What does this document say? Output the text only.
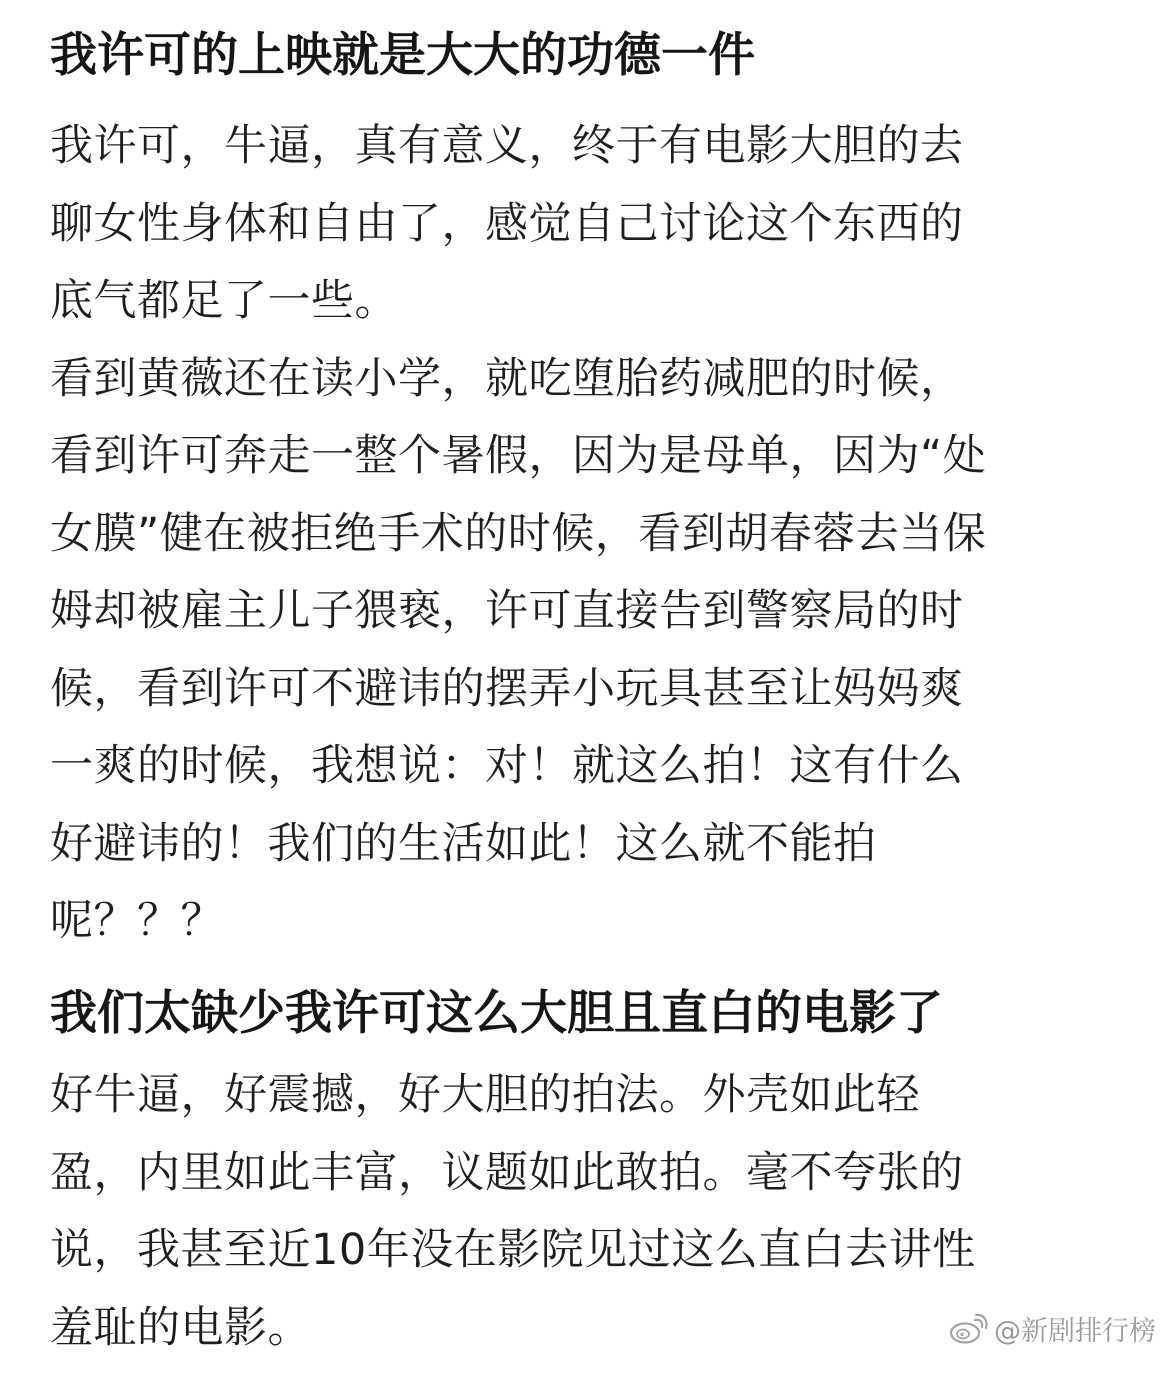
我许可的上映就是大大的功德一件
我许可，牛逼，真有意义，终于有电影大胆的去
聊女性身体和自由了，感觉自己讨论这个东西的
底气都足了一些。
看到黄薇还在读小学，就吃堕胎药减肥的时候，
看到许可奔走一整个暑假，因为是母单，因为“处
女膜”健在被拒绝手术的时候，看到胡春蓉去当保
姆却被雇主儿子猥亵，许可直接告到警察局的时
候，看到许可不避讳的摆弄小玩具甚至让妈妈爽
一爽的时候，我想说：对！就这么拍！这有什么
好避讳的！我们的生活如此！这么就不能拍
呢？？？
我们太缺少我许可这么大胆且直白的电影了
好牛逼，好震撼，好大胆的拍法。外壳如此轻
盈，内里如此丰富，议题如此敢拍。毫不夸张的
说，我甚至近10年没在影院见过这么直白去讲性
羞耻的电影。	@新剧排行榜
